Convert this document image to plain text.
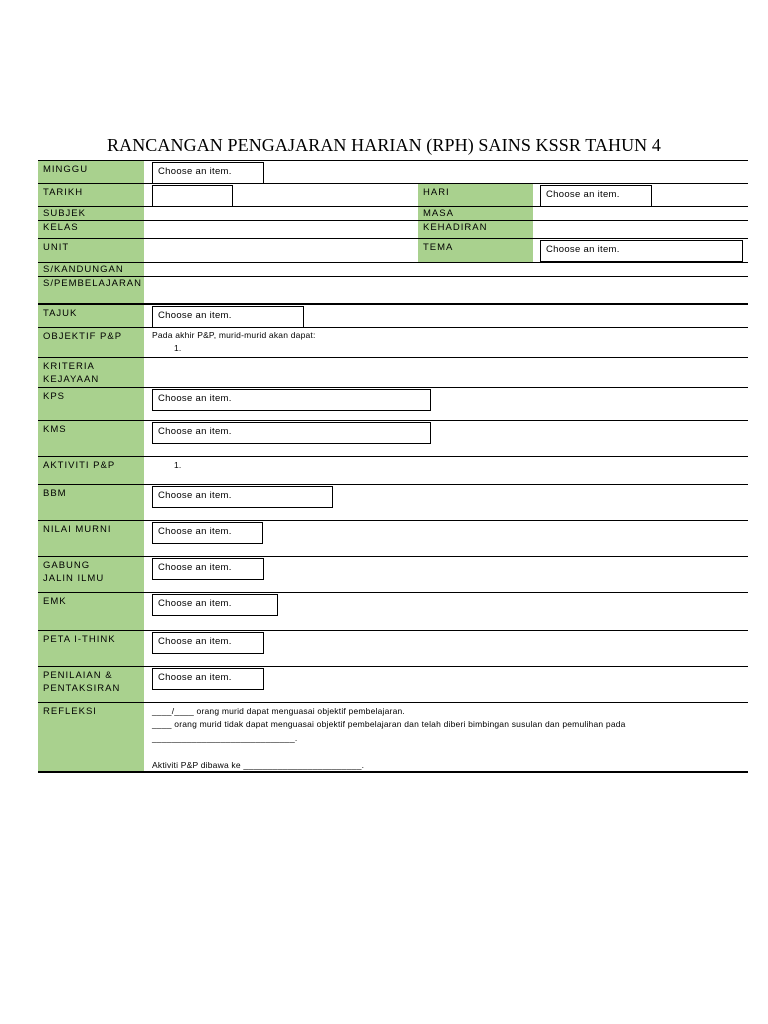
RANCANGAN PENGAJARAN HARIAN (RPH) SAINS KSSR TAHUN 4
MINGGU
TARIKH
SUBJEK
KELAS
UNIT
S/KANDUNGAN
S/PEMBELAJARAN
TAJUK
OBJEKTIF P&P
KRITERIA KEJAYAAN
KPS
KMS
AKTIVITI P&P
BBM
NILAI MURNI
GABUNG JALIN ILMU
EMK
PETA I-THINK
PENILAIAN & PENTAKSIRAN
REFLEKSI
HARI
MASA
KEHADIRAN
TEMA
Choose an item.
Choose an item.
Choose an item.
Choose an item.
Choose an item.
Choose an item.
Choose an item.
Choose an item.
Choose an item.
Choose an item.
Choose an item.
Choose an item.
Pada akhir P&P, murid-murid akan dapat:
1.
1.
____/____ orang murid dapat menguasai objektif pembelajaran.
____ orang murid tidak dapat menguasai objektif pembelajaran dan telah diberi bimbingan susulan dan pemulihan pada
_____________________________.
Aktiviti P&P dibawa ke ________________________.
